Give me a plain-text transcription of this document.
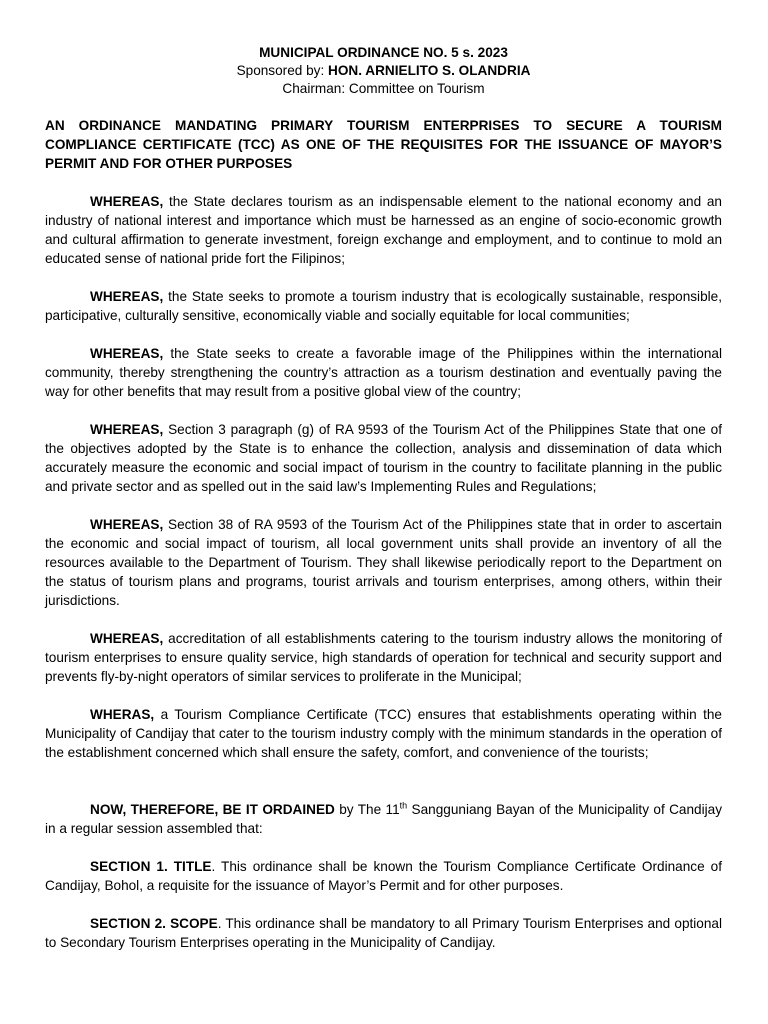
MUNICIPAL ORDINANCE NO. 5 s. 2023
Sponsored by: HON. ARNIELITO S. OLANDRIA
Chairman: Committee on Tourism
AN ORDINANCE MANDATING PRIMARY TOURISM ENTERPRISES TO SECURE A TOURISM COMPLIANCE CERTIFICATE (TCC) AS ONE OF THE REQUISITES FOR THE ISSUANCE OF MAYOR’S PERMIT AND FOR OTHER PURPOSES
WHEREAS, the State declares tourism as an indispensable element to the national economy and an industry of national interest and importance which must be harnessed as an engine of socio-economic growth and cultural affirmation to generate investment, foreign exchange and employment, and to continue to mold an educated sense of national pride fort the Filipinos;
WHEREAS, the State seeks to promote a tourism industry that is ecologically sustainable, responsible, participative, culturally sensitive, economically viable and socially equitable for local communities;
WHEREAS, the State seeks to create a favorable image of the Philippines within the international community, thereby strengthening the country’s attraction as a tourism destination and eventually paving the way for other benefits that may result from a positive global view of the country;
WHEREAS, Section 3 paragraph (g) of RA 9593 of the Tourism Act of the Philippines State that one of the objectives adopted by the State is to enhance the collection, analysis and dissemination of data which accurately measure the economic and social impact of tourism in the country to facilitate planning in the public and private sector and as spelled out in the said law’s Implementing Rules and Regulations;
WHEREAS, Section 38 of RA 9593 of the Tourism Act of the Philippines state that in order to ascertain the economic and social impact of tourism, all local government units shall provide an inventory of all the resources available to the Department of Tourism. They shall likewise periodically report to the Department on the status of tourism plans and programs, tourist arrivals and tourism enterprises, among others, within their jurisdictions.
WHEREAS, accreditation of all establishments catering to the tourism industry allows the monitoring of tourism enterprises to ensure quality service, high standards of operation for technical and security support and prevents fly-by-night operators of similar services to proliferate in the Municipal;
WHERAS, a Tourism Compliance Certificate (TCC) ensures that establishments operating within the Municipality of Candijay that cater to the tourism industry comply with the minimum standards in the operation of the establishment concerned which shall ensure the safety, comfort, and convenience of the tourists;
NOW, THEREFORE, BE IT ORDAINED by The 11th Sangguniang Bayan of the Municipality of Candijay in a regular session assembled that:
SECTION 1. TITLE. This ordinance shall be known the Tourism Compliance Certificate Ordinance of Candijay, Bohol, a requisite for the issuance of Mayor’s Permit and for other purposes.
SECTION 2. SCOPE. This ordinance shall be mandatory to all Primary Tourism Enterprises and optional to Secondary Tourism Enterprises operating in the Municipality of Candijay.
